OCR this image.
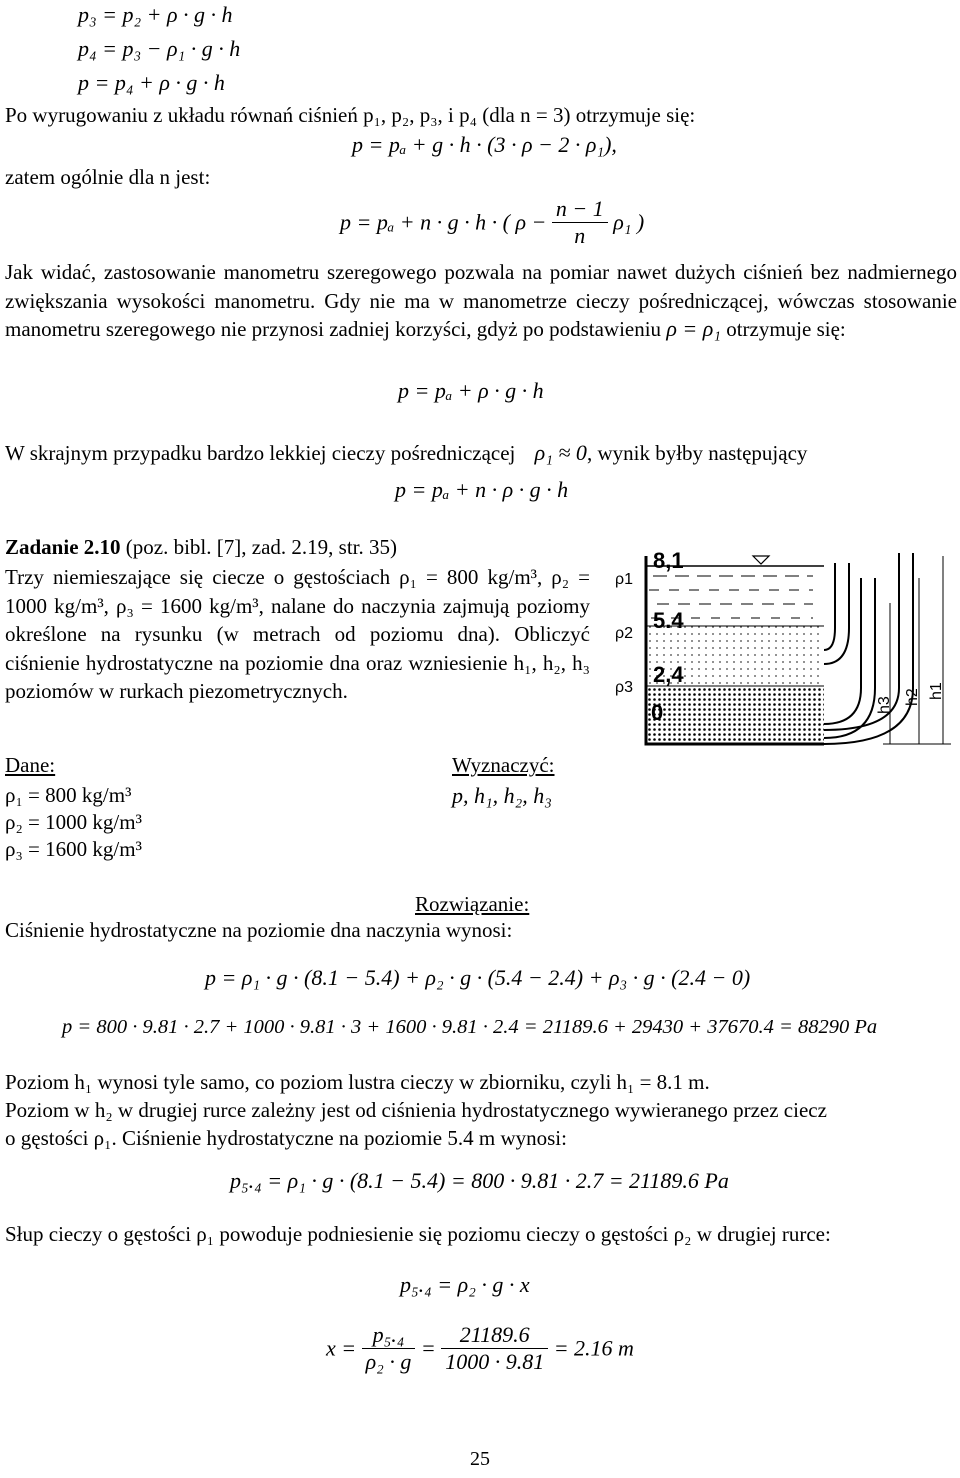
p₃ = p₂ + ρ · g · h
p₄ = p₃ − ρ₁ · g · h
p = p₄ + ρ · g · h
Po wyrugowaniu z układu równań ciśnień p₁, p₂, p₃, i p₄ (dla n = 3) otrzymuje się:
p = pₐ + g · h · (3 · ρ − 2 · ρ₁),
zatem ogólnie dla n jest:
p = pₐ + n · g · h · ( $\rho - \frac{n - 1}{n} \rho_1$ )
Jak widać, zastosowanie manometru szeregowego pozwala na pomiar nawet dużych ciśnień bez nadmiernego zwiększania wysokości manometru. Gdy nie ma w manometrze cieczy pośredniczącej, wówczas stosowanie manometru szeregowego nie przynosi zadniej korzyści, gdyż po podstawieniu ρ = ρ₁ otrzymuje się:
p = pₐ + ρ · g · h
W skrajnym przypadku bardzo lekkiej cieczy pośredniczącej ρ₁ ≈ 0, wynik byłby następujący
p = pₐ + n · ρ · g · h
Zadanie 2.10 (poz. bibl. [7], zad. 2.19, str. 35)
Trzy niemieszające się ciecze o gęstościach ρ₁ = 800 kg/m³, ρ₂ = 1000 kg/m³, ρ₃ = 1600 kg/m³, nalane do naczynia zajmują poziomy określone na rysunku (w metrach od poziomu dna). Obliczyć ciśnienie hydrostatyczne na poziomie dna oraz wzniesienie h₁, h₂, h₃ poziomów w rurkach piezometrycznych.
8,1
5.4
2,4
0
ρ1
ρ2
ρ3
h3 h2 h1
Dane:
ρ₁ = 800 kg/m³
ρ₂ = 1000 kg/m³
ρ₃ = 1600 kg/m³
Wyznaczyć:
p, h₁, h₂, h₃
Rozwiązanie:
Ciśnienie hydrostatyczne na poziomie dna naczynia wynosi:
p = ρ₁ · g · (8.1 − 5.4) + ρ₂ · g · (5.4 − 2.4) + ρ₃ · g · (2.4 − 0)
p = 800 · 9.81 · 2.7 + 1000 · 9.81 · 3 + 1600 · 9.81 · 2.4 = 21189.6 + 29430 + 37670.4 = 88290 Pa
Poziom h₁ wynosi tyle samo, co poziom lustra cieczy w zbiorniku, czyli h₁ = 8.1 m.
Poziom w h₂ w drugiej rurce zależny jest od ciśnienia hydrostatycznego wywieranego przez ciecz
o gęstości ρ₁. Ciśnienie hydrostatyczne na poziomie 5.4 m wynosi:
p₅.₄ = ρ₁ · g · (8.1 − 5.4) = 800 · 9.81 · 2.7 = 21189.6 Pa
Słup cieczy o gęstości ρ₁ powoduje podniesienie się poziomu cieczy o gęstości ρ₂ w drugiej rurce:
p₅.₄ = ρ₂ · g · x
$x = \frac{\text{p₅.₄}}{\text{ρ₂ · g}} = \frac{21189.6}{1000 \cdot 9.81} = 2.16$ m
25
